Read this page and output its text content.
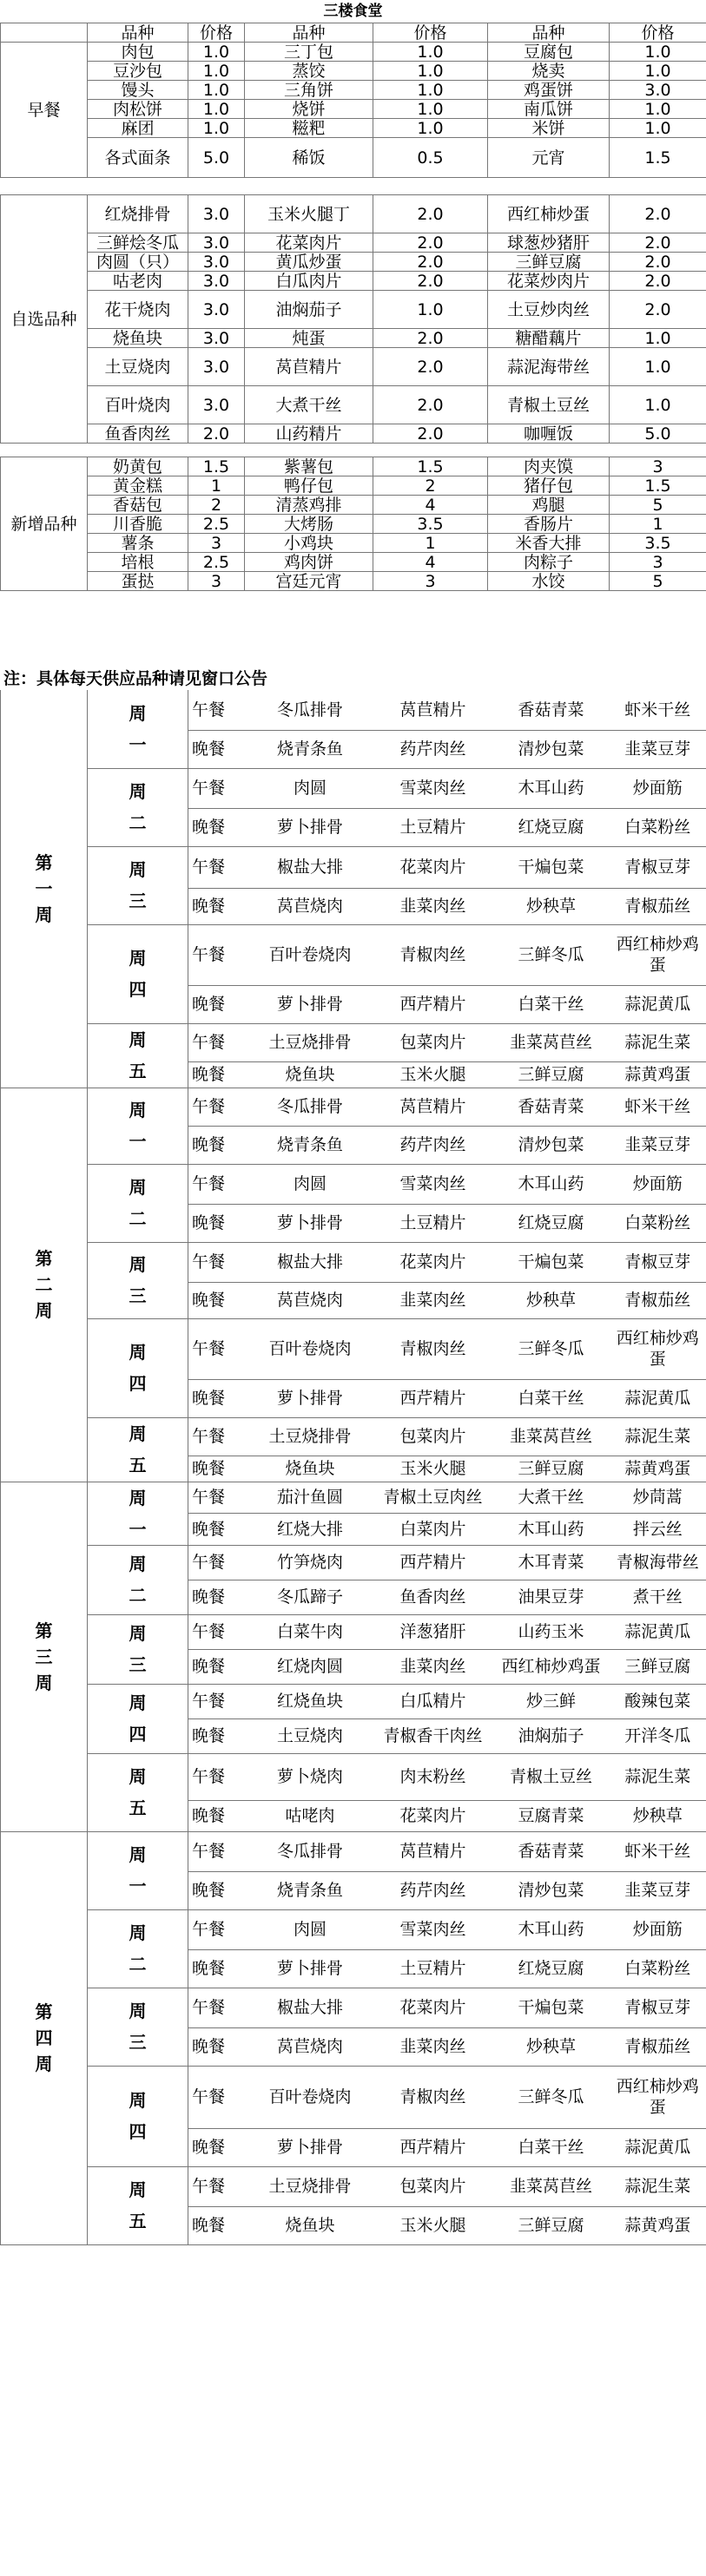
三楼食堂
	品种	价格	品种	价格	品种	价格
早餐	肉包	1.0	三丁包	1.0	豆腐包	1.0
	豆沙包	1.0	蒸饺	1.0	烧卖	1.0
	馒头	1.0	三角饼	1.0	鸡蛋饼	3.0
	肉松饼	1.0	烧饼	1.0	南瓜饼	1.0
	麻团	1.0	糍粑	1.0	米饼	1.0
	各式面条	5.0	稀饭	0.5	元宵	1.5

自选品种	红烧排骨	3.0	玉米火腿丁	2.0	西红柿炒蛋	2.0
	三鲜烩冬瓜	3.0	花菜肉片	2.0	球葱炒猪肝	2.0
	肉圆（只）	3.0	黄瓜炒蛋	2.0	三鲜豆腐	2.0
	咕老肉	3.0	白瓜肉片	2.0	花菜炒肉片	2.0
	花干烧肉	3.0	油焖茄子	1.0	土豆炒肉丝	2.0
	烧鱼块	3.0	炖蛋	2.0	糖醋藕片	1.0
	土豆烧肉	3.0	莴苣精片	2.0	蒜泥海带丝	1.0
	百叶烧肉	3.0	大煮干丝	2.0	青椒土豆丝	1.0
	鱼香肉丝	2.0	山药精片	2.0	咖喱饭	5.0

新增品种	奶黄包	1.5	紫薯包	1.5	肉夹馍	3
	黄金糕	1	鸭仔包	2	猪仔包	1.5
	香菇包	2	清蒸鸡排	4	鸡腿	5
	川香脆	2.5	大烤肠	3.5	香肠片	1
	薯条	3	小鸡块	1	米香大排	3.5
	培根	2.5	鸡肉饼	4	肉粽子	3
	蛋挞	3	宫廷元宵	3	水饺	5
注：具体每天供应品种请见窗口公告
第一周	周一	午餐	冬瓜排骨	莴苣精片	香菇青菜	虾米干丝
		晚餐	烧青条鱼	药芹肉丝	清炒包菜	韭菜豆芽
	周二	午餐	肉圆	雪菜肉丝	木耳山药	炒面筋
		晚餐	萝卜排骨	土豆精片	红烧豆腐	白菜粉丝
	周三	午餐	椒盐大排	花菜肉片	干煸包菜	青椒豆芽
		晚餐	莴苣烧肉	韭菜肉丝	炒秧草	青椒茄丝
	周四	午餐	百叶卷烧肉	青椒肉丝	三鲜冬瓜	西红柿炒鸡蛋
		晚餐	萝卜排骨	西芹精片	白菜干丝	蒜泥黄瓜
	周五	午餐	土豆烧排骨	包菜肉片	韭菜莴苣丝	蒜泥生菜
		晚餐	烧鱼块	玉米火腿	三鲜豆腐	蒜黄鸡蛋
第二周	周一	午餐	冬瓜排骨	莴苣精片	香菇青菜	虾米干丝
		晚餐	烧青条鱼	药芹肉丝	清炒包菜	韭菜豆芽
	周二	午餐	肉圆	雪菜肉丝	木耳山药	炒面筋
		晚餐	萝卜排骨	土豆精片	红烧豆腐	白菜粉丝
	周三	午餐	椒盐大排	花菜肉片	干煸包菜	青椒豆芽
		晚餐	莴苣烧肉	韭菜肉丝	炒秧草	青椒茄丝
	周四	午餐	百叶卷烧肉	青椒肉丝	三鲜冬瓜	西红柿炒鸡蛋
		晚餐	萝卜排骨	西芹精片	白菜干丝	蒜泥黄瓜
	周五	午餐	土豆烧排骨	包菜肉片	韭菜莴苣丝	蒜泥生菜
		晚餐	烧鱼块	玉米火腿	三鲜豆腐	蒜黄鸡蛋
第三周	周一	午餐	茄汁鱼圆	青椒土豆肉丝	大煮干丝	炒茼蒿
		晚餐	红烧大排	白菜肉片	木耳山药	拌云丝
	周二	午餐	竹笋烧肉	西芹精片	木耳青菜	青椒海带丝
		晚餐	冬瓜蹄子	鱼香肉丝	油果豆芽	煮干丝
	周三	午餐	白菜牛肉	洋葱猪肝	山药玉米	蒜泥黄瓜
		晚餐	红烧肉圆	韭菜肉丝	西红柿炒鸡蛋	三鲜豆腐
	周四	午餐	红烧鱼块	白瓜精片	炒三鲜	酸辣包菜
		晚餐	土豆烧肉	青椒香干肉丝	油焖茄子	开洋冬瓜
	周五	午餐	萝卜烧肉	肉末粉丝	青椒土豆丝	蒜泥生菜
		晚餐	咕咾肉	花菜肉片	豆腐青菜	炒秧草
第四周	周一	午餐	冬瓜排骨	莴苣精片	香菇青菜	虾米干丝
		晚餐	烧青条鱼	药芹肉丝	清炒包菜	韭菜豆芽
	周二	午餐	肉圆	雪菜肉丝	木耳山药	炒面筋
		晚餐	萝卜排骨	土豆精片	红烧豆腐	白菜粉丝
	周三	午餐	椒盐大排	花菜肉片	干煸包菜	青椒豆芽
		晚餐	莴苣烧肉	韭菜肉丝	炒秧草	青椒茄丝
	周四	午餐	百叶卷烧肉	青椒肉丝	三鲜冬瓜	西红柿炒鸡蛋
		晚餐	萝卜排骨	西芹精片	白菜干丝	蒜泥黄瓜
	周五	午餐	土豆烧排骨	包菜肉片	韭菜莴苣丝	蒜泥生菜
		晚餐	烧鱼块	玉米火腿	三鲜豆腐	蒜黄鸡蛋
